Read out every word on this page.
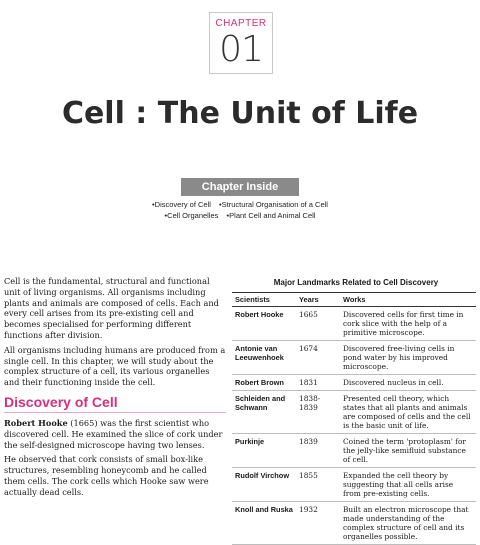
CHAPTER
01
Cell : The Unit of Life
Chapter Inside
• Discovery of Cell • Structural Organisation of a Cell
• Cell Organelles • Plant Cell and Animal Cell

Cell is the fundamental, structural and functional unit of living organisms. All organisms including plants and animals are composed of cells. Each and every cell arises from its pre-existing cell and becomes specialised for performing different functions after division.

All organisms including humans are produced from a single cell. In this chapter, we will study about the complex structure of a cell, its various organelles and their functioning inside the cell.

Discovery of Cell

Robert Hooke (1665) was the first scientist who discovered cell. He examined the slice of cork under the self-designed microscope having two lenses.

He observed that cork consists of small box-like structures, resembling honeycomb and he called them cells. The cork cells which Hooke saw were actually dead cells.

Major Landmarks Related to Cell Discovery
Scientists	Years	Works
Robert Hooke	1665	Discovered cells for first time in cork slice with the help of a primitive microscope.
Antonie van Leeuwenhoek	1674	Discovered free-living cells in pond water by his improved microscope.
Robert Brown	1831	Discovered nucleus in cell.
Schleiden and Schwann	1838-1839	Presented cell theory, which states that all plants and animals are composed of cells and the cell is the basic unit of life.
Purkinje	1839	Coined the term 'protoplasm' for the jelly-like semifluid substance of cell.
Rudolf Virchow	1855	Expanded the cell theory by suggesting that all cells arise from pre-existing cells.
Knoll and Ruska	1932	Built an electron microscope that made understanding of the complex structure of cell and its organelles possible.
